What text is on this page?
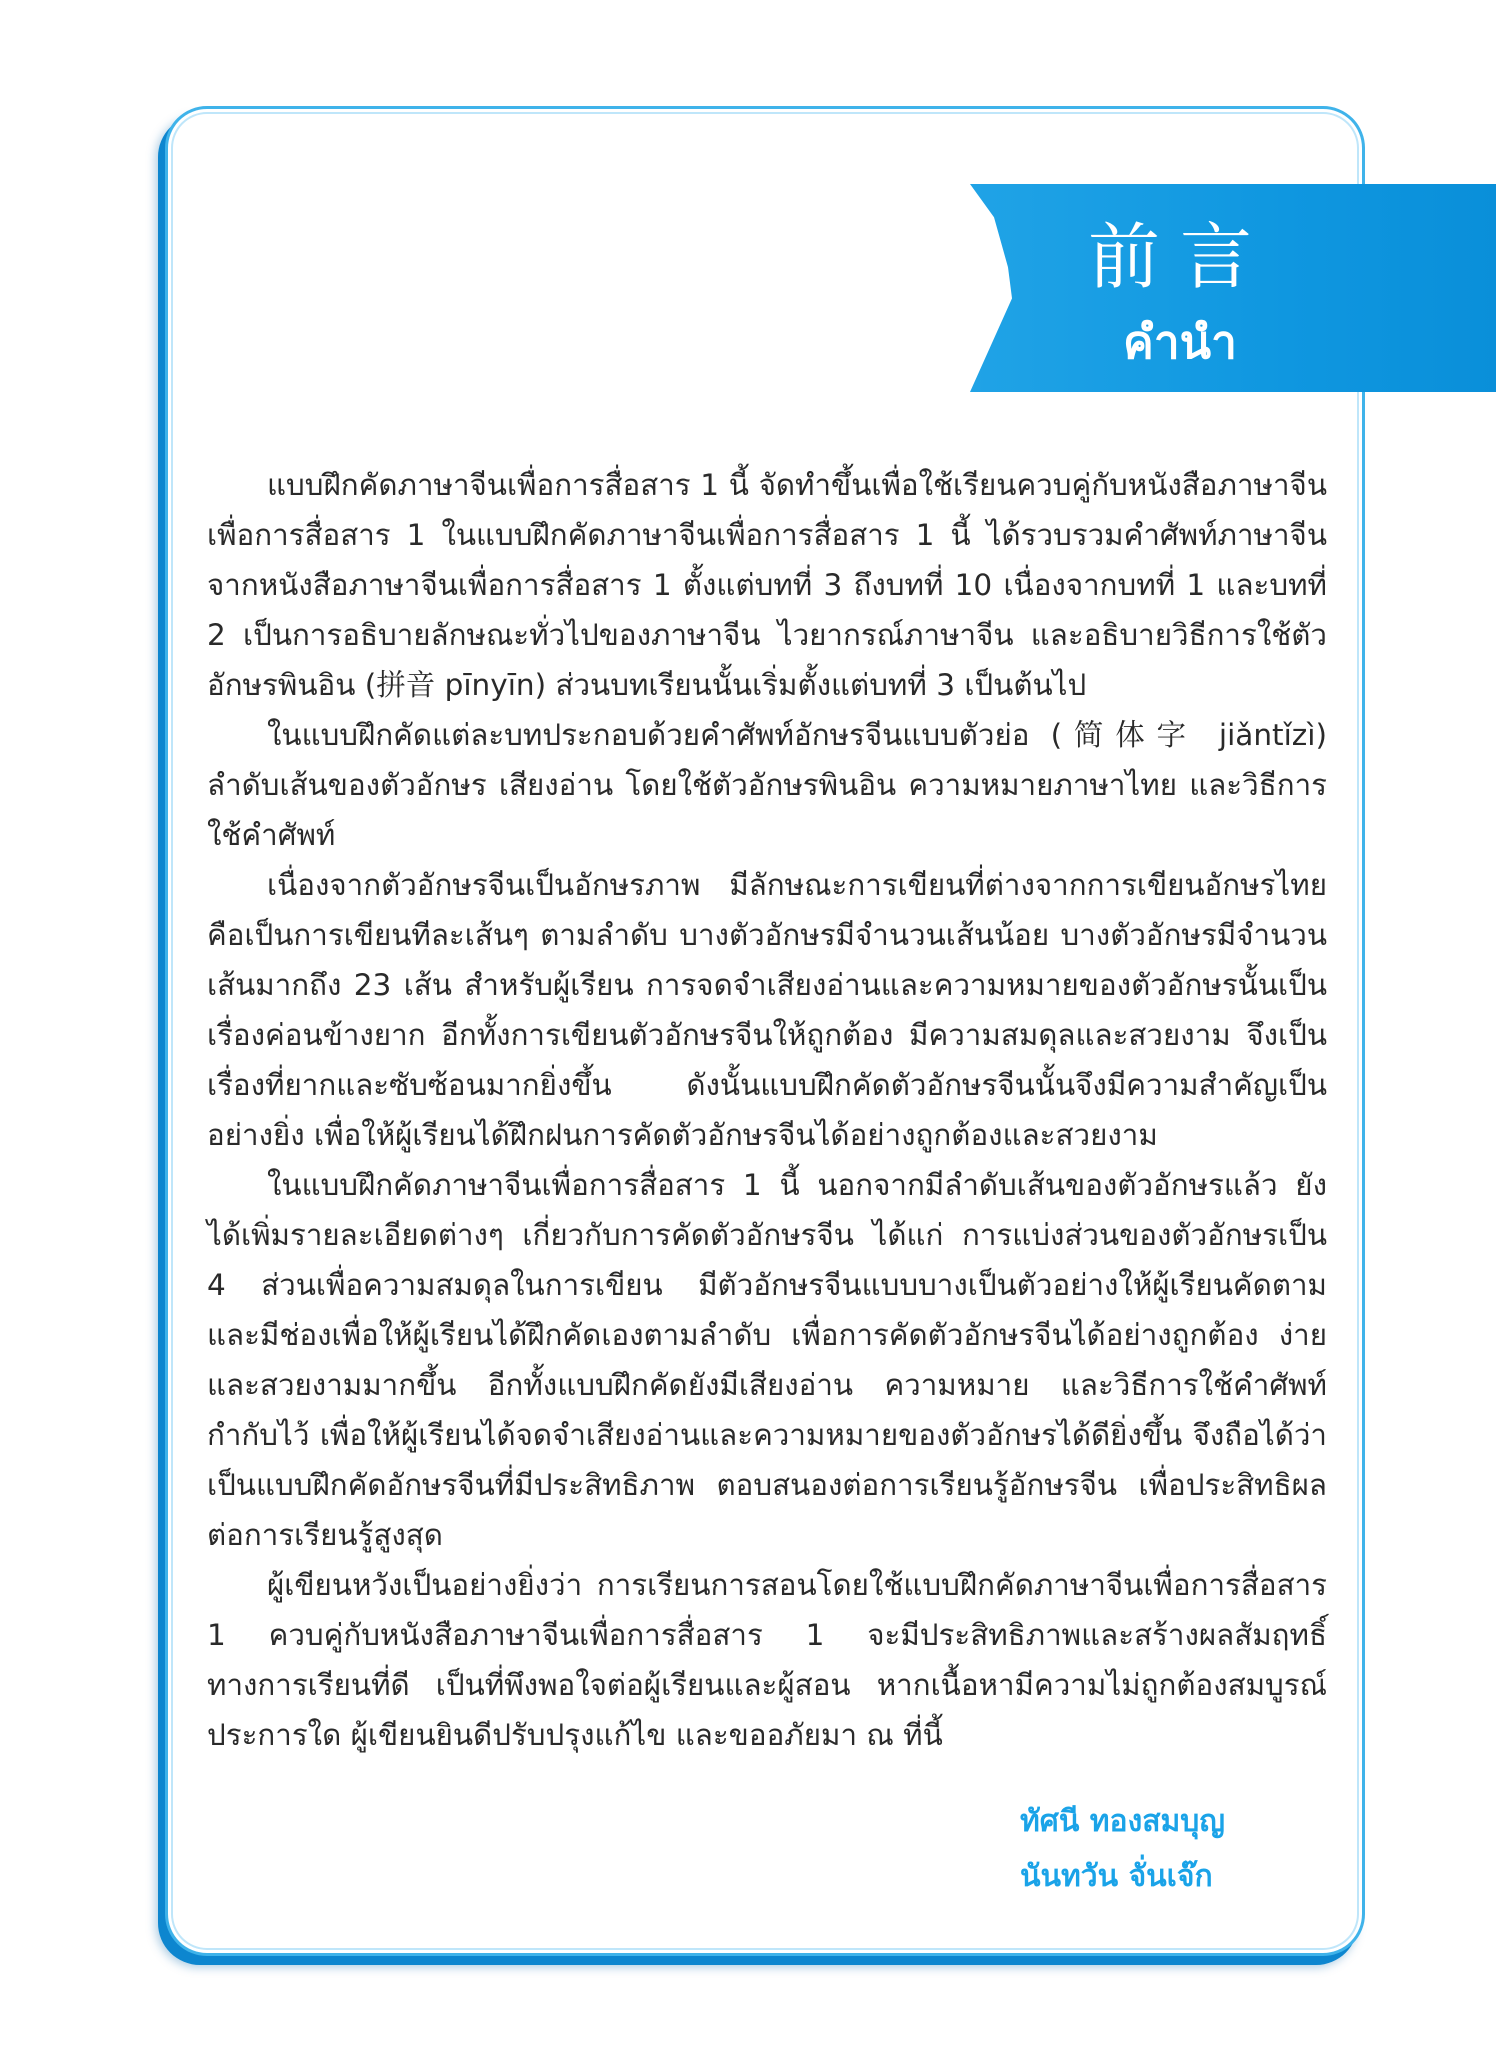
前言
คำนำ

แบบฝึกคัดภาษาจีนเพื่อการสื่อสาร 1 นี้ จัดทำขึ้นเพื่อใช้เรียนควบคู่กับหนังสือภาษาจีนเพื่อการสื่อสาร 1 ในแบบฝึกคัดภาษาจีนเพื่อการสื่อสาร 1 นี้ ได้รวบรวมคำศัพท์ภาษาจีนจากหนังสือภาษาจีนเพื่อการสื่อสาร 1 ตั้งแต่บทที่ 3 ถึงบทที่ 10 เนื่องจากบทที่ 1 และบทที่ 2 เป็นการอธิบายลักษณะทั่วไปของภาษาจีน ไวยากรณ์ภาษาจีน และอธิบายวิธีการใช้ตัวอักษรพินอิน (拼音 pīnyīn) ส่วนบทเรียนนั้นเริ่มตั้งแต่บทที่ 3 เป็นต้นไป

ในแบบฝึกคัดแต่ละบทประกอบด้วยคำศัพท์อักษรจีนแบบตัวย่อ (简体字 jiǎntǐzì) ลำดับเส้นของตัวอักษร เสียงอ่าน โดยใช้ตัวอักษรพินอิน ความหมายภาษาไทย และวิธีการใช้คำศัพท์

เนื่องจากตัวอักษรจีนเป็นอักษรภาพ มีลักษณะการเขียนที่ต่างจากการเขียนอักษรไทย คือเป็นการเขียนทีละเส้นๆ ตามลำดับ บางตัวอักษรมีจำนวนเส้นน้อย บางตัวอักษรมีจำนวนเส้นมากถึง 23 เส้น สำหรับผู้เรียน การจดจำเสียงอ่านและความหมายของตัวอักษรนั้นเป็นเรื่องค่อนข้างยาก อีกทั้งการเขียนตัวอักษรจีนให้ถูกต้อง มีความสมดุลและสวยงาม จึงเป็นเรื่องที่ยากและซับซ้อนมากยิ่งขึ้น ดังนั้นแบบฝึกคัดตัวอักษรจีนนั้นจึงมีความสำคัญเป็นอย่างยิ่ง เพื่อให้ผู้เรียนได้ฝึกฝนการคัดตัวอักษรจีนได้อย่างถูกต้องและสวยงาม

ในแบบฝึกคัดภาษาจีนเพื่อการสื่อสาร 1 นี้ นอกจากมีลำดับเส้นของตัวอักษรแล้ว ยังได้เพิ่มรายละเอียดต่างๆ เกี่ยวกับการคัดตัวอักษรจีน ได้แก่ การแบ่งส่วนของตัวอักษรเป็น 4 ส่วนเพื่อความสมดุลในการเขียน มีตัวอักษรจีนแบบบางเป็นตัวอย่างให้ผู้เรียนคัดตาม และมีช่องเพื่อให้ผู้เรียนได้ฝึกคัดเองตามลำดับ เพื่อการคัดตัวอักษรจีนได้อย่างถูกต้อง ง่าย และสวยงามมากขึ้น อีกทั้งแบบฝึกคัดยังมีเสียงอ่าน ความหมาย และวิธีการใช้คำศัพท์กำกับไว้ เพื่อให้ผู้เรียนได้จดจำเสียงอ่านและความหมายของตัวอักษรได้ดียิ่งขึ้น จึงถือได้ว่าเป็นแบบฝึกคัดอักษรจีนที่มีประสิทธิภาพ ตอบสนองต่อการเรียนรู้อักษรจีน เพื่อประสิทธิผลต่อการเรียนรู้สูงสุด

ผู้เขียนหวังเป็นอย่างยิ่งว่า การเรียนการสอนโดยใช้แบบฝึกคัดภาษาจีนเพื่อการสื่อสาร 1 ควบคู่กับหนังสือภาษาจีนเพื่อการสื่อสาร 1 จะมีประสิทธิภาพและสร้างผลสัมฤทธิ์ทางการเรียนที่ดี เป็นที่พึงพอใจต่อผู้เรียนและผู้สอน หากเนื้อหามีความไม่ถูกต้องสมบูรณ์ประการใด ผู้เขียนยินดีปรับปรุงแก้ไข และขออภัยมา ณ ที่นี้

ทัศนี ทองสมบุญ
นันทวัน จั่นเจ๊ก
